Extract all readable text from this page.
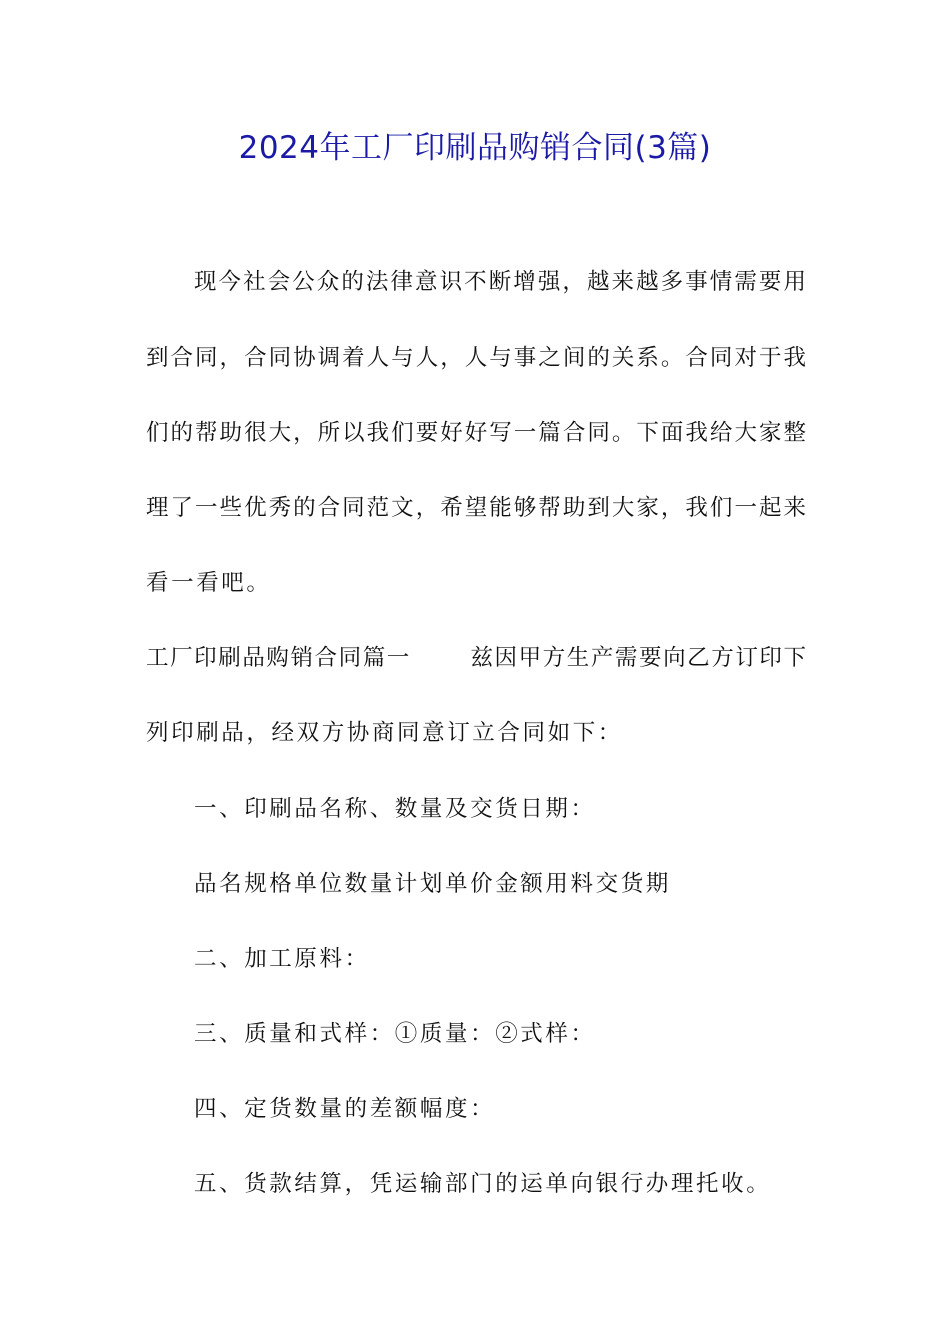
2024年工厂印刷品购销合同(3篇)

现今社会公众的法律意识不断增强，越来越多事情需要用

到合同，合同协调着人与人，人与事之间的关系。合同对于我

们的帮助很大，所以我们要好好写一篇合同。下面我给大家整

理了一些优秀的合同范文，希望能够帮助到大家，我们一起来

看一看吧。

工厂印刷品购销合同篇一	兹因甲方生产需要向乙方订印下

列印刷品，经双方协商同意订立合同如下：

一、印刷品名称、数量及交货日期：

品名规格单位数量计划单价金额用料交货期

二、加工原料：

三、质量和式样：①质量：②式样：

四、定货数量的差额幅度：

五、货款结算，凭运输部门的运单向银行办理托收。
